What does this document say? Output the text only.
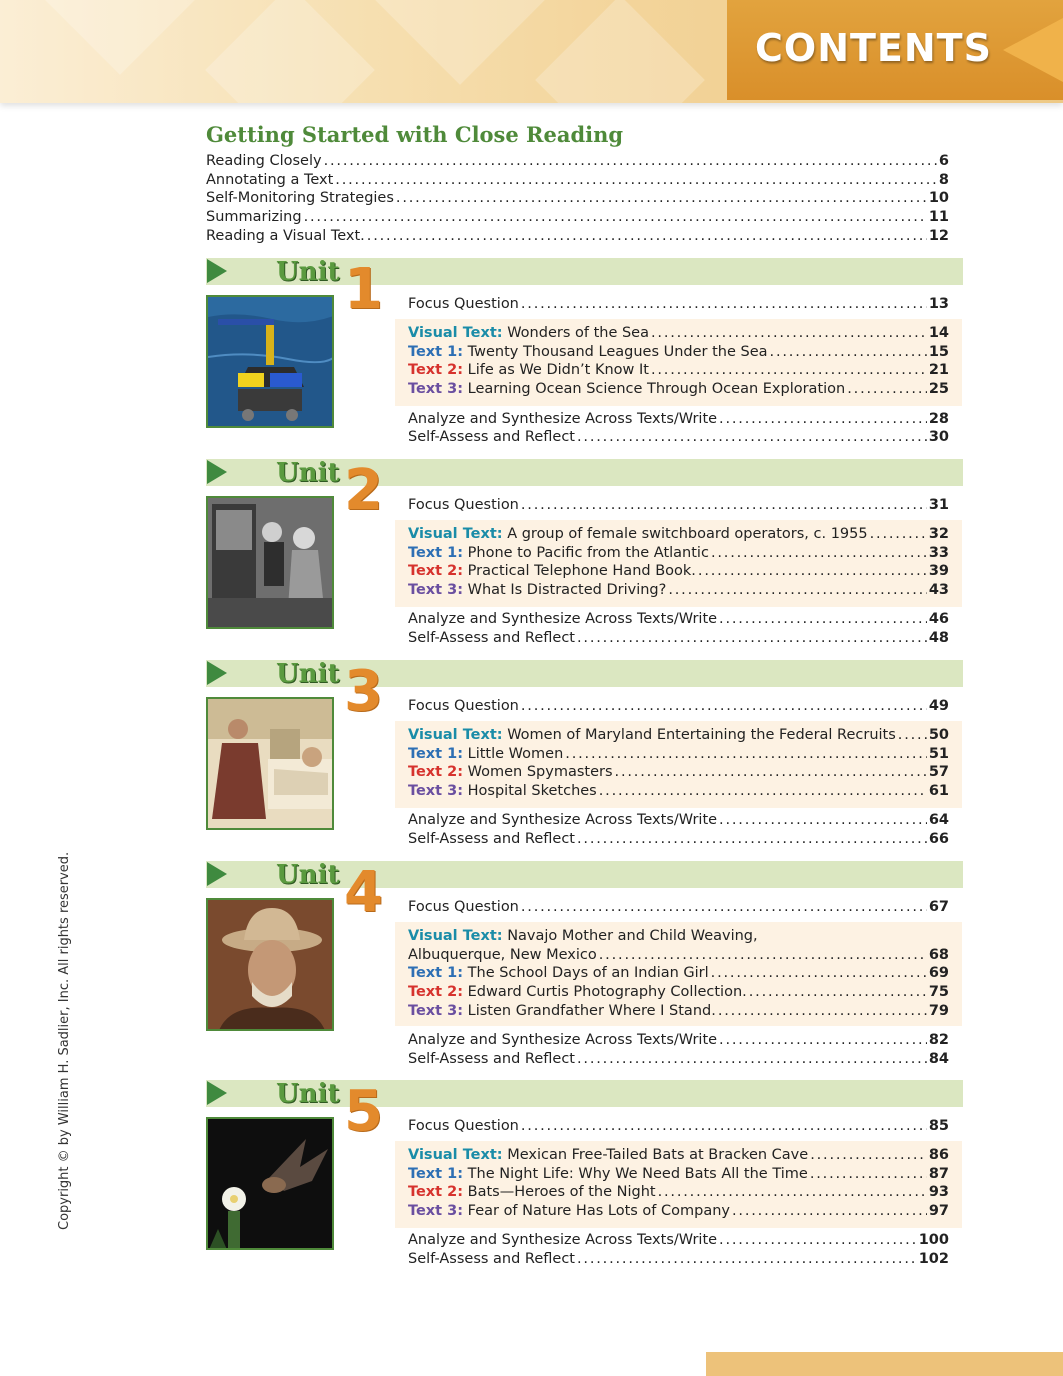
CONTENTS
Getting Started with Close Reading
Reading Closely . . .	6
Annotating a Text . . .	8
Self-Monitoring Strategies . . .	10
Summarizing . . .	11
Reading a Visual Text. . . .	12
Unit 1 Focus Question . . .	13
Visual Text: Wonders of the Sea . . .	14
Text 1: Twenty Thousand Leagues Under the Sea . . .	15
Text 2: Life as We Didn’t Know It . . .	21
Text 3: Learning Ocean Science Through Ocean Exploration . . .	25
Analyze and Synthesize Across Texts/Write . . .	28
Self-Assess and Reflect . . .	30
Unit 2 Focus Question . . .	31
Visual Text: A group of female switchboard operators, c. 1955 . . .	32
Text 1: Phone to Pacific from the Atlantic . . .	33
Text 2: Practical Telephone Hand Book. . . .	39
Text 3: What Is Distracted Driving? . . .	43
Analyze and Synthesize Across Texts/Write . . .	46
Self-Assess and Reflect . . .	48
Unit 3 Focus Question . . .	49
Visual Text: Women of Maryland Entertaining the Federal Recruits . . . 50
Text 1: Little Women . . .	51
Text 2: Women Spymasters . . .	57
Text 3: Hospital Sketches . . .	61
Analyze and Synthesize Across Texts/Write . . .	64
Self-Assess and Reflect . . .	66
Unit 4 Focus Question . . .	67
Visual Text: Navajo Mother and Child Weaving,
Albuquerque, New Mexico . . .	68
Text 1: The School Days of an Indian Girl . . .	69
Text 2: Edward Curtis Photography Collection. . . .	75
Text 3: Listen Grandfather Where I Stand. . . .	79
Analyze and Synthesize Across Texts/Write . . .	82
Self-Assess and Reflect . . .	84
Unit 5 Focus Question . . .	85
Visual Text: Mexican Free-Tailed Bats at Bracken Cave . . .	86
Text 1: The Night Life: Why We Need Bats All the Time . . .	87
Text 2: Bats—Heroes of the Night . . .	93
Text 3: Fear of Nature Has Lots of Company . . .	97
Analyze and Synthesize Across Texts/Write . . .	100
Self-Assess and Reflect . . .	102
Copyright © by William H. Sadlier, Inc. All rights reserved.
